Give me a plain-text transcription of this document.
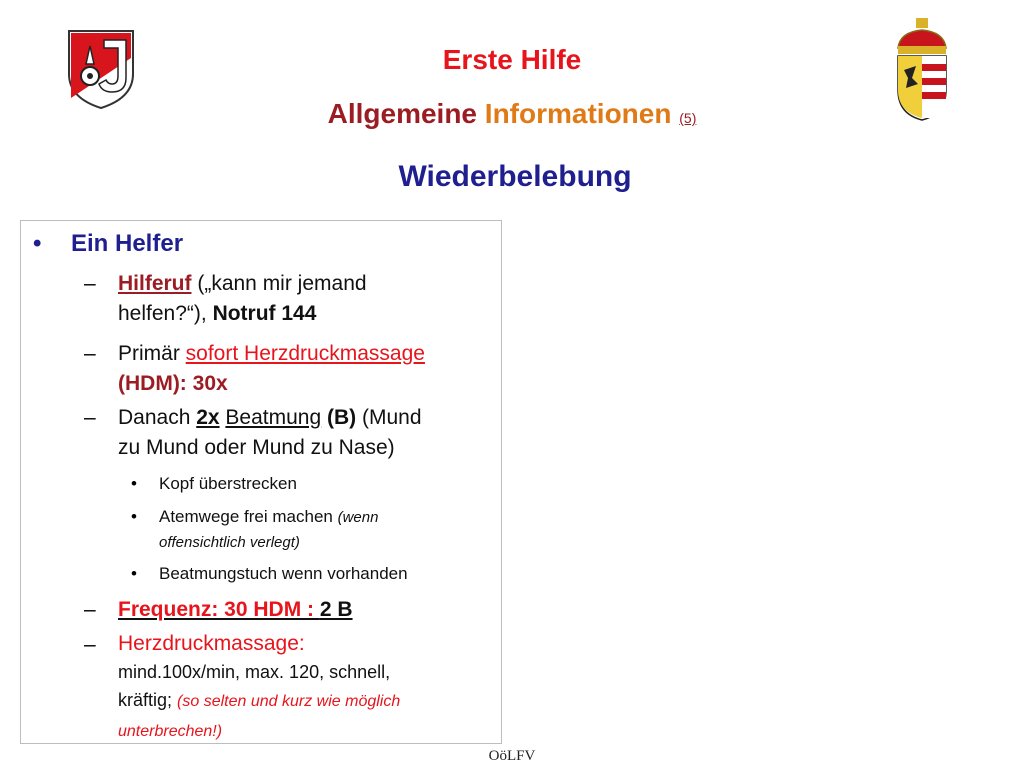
Erste Hilfe
Allgemeine Informationen (5)
Wiederbelebung
•	Ein Helfer
–	Hilferuf („kann mir jemand
helfen?“), Notruf 144
–	Primär sofort Herzdruckmassage
(HDM): 30x
–	Danach 2x Beatmung (B) (Mund
zu Mund oder Mund zu Nase)
•	Kopf überstrecken
•	Atemwege frei machen (wenn
offensichtlich verlegt)
•	Beatmungstuch wenn vorhanden
–	Frequenz: 30 HDM : 2 B
–	Herzdruckmassage:
mind.100x/min, max. 120, schnell,
kräftig; (so selten und kurz wie möglich
unterbrechen!)
OöLFV
